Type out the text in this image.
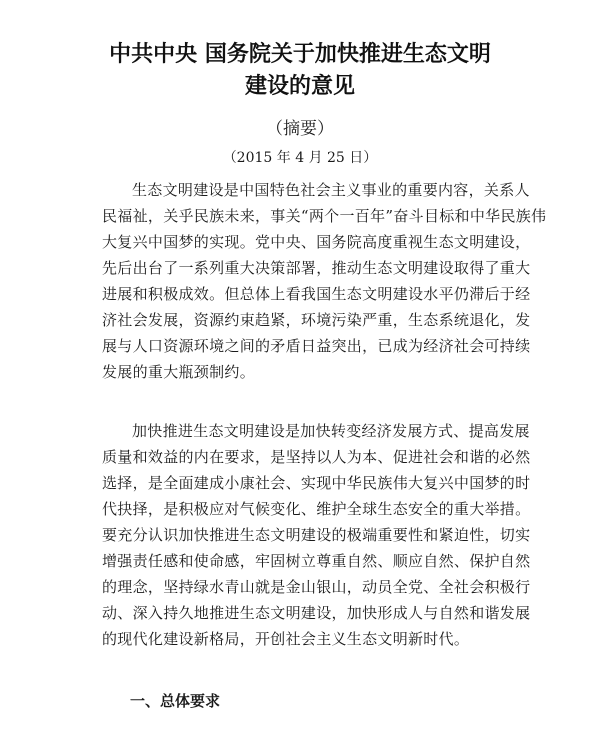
中共中央 国务院关于加快推进生态文明
建设的意见
（摘要）
（2015 年 4 月 25 日）
生态文明建设是中国特色社会主义事业的重要内容，关系人
民福祉，关乎民族未来，事关“两个一百年”奋斗目标和中华民族伟
大复兴中国梦的实现。党中央、国务院高度重视生态文明建设，
先后出台了一系列重大决策部署，推动生态文明建设取得了重大
进展和积极成效。但总体上看我国生态文明建设水平仍滞后于经
济社会发展，资源约束趋紧，环境污染严重，生态系统退化，发
展与人口资源环境之间的矛盾日益突出，已成为经济社会可持续
发展的重大瓶颈制约。
加快推进生态文明建设是加快转变经济发展方式、提高发展
质量和效益的内在要求，是坚持以人为本、促进社会和谐的必然
选择，是全面建成小康社会、实现中华民族伟大复兴中国梦的时
代抉择，是积极应对气候变化、维护全球生态安全的重大举措。
要充分认识加快推进生态文明建设的极端重要性和紧迫性，切实
增强责任感和使命感，牢固树立尊重自然、顺应自然、保护自然
的理念，坚持绿水青山就是金山银山，动员全党、全社会积极行
动、深入持久地推进生态文明建设，加快形成人与自然和谐发展
的现代化建设新格局，开创社会主义生态文明新时代。
一、总体要求
